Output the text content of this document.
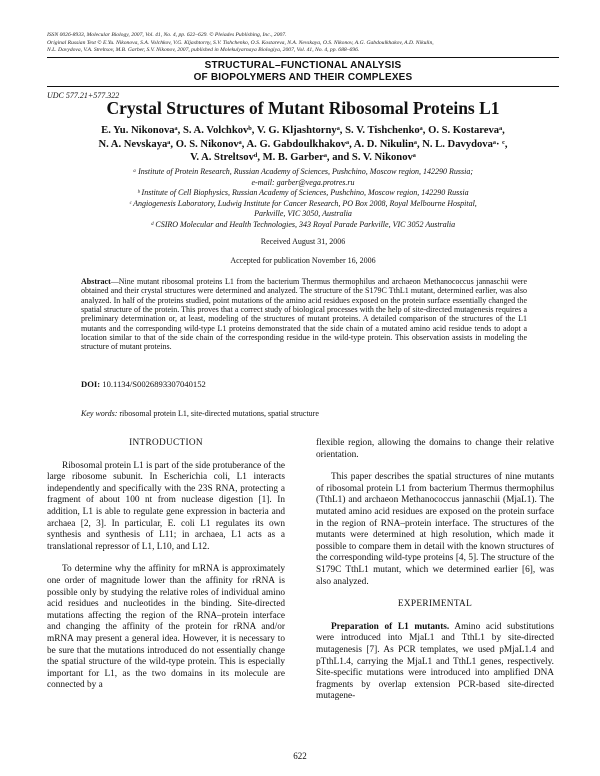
ISSN 0026-8933, Molecular Biology, 2007, Vol. 41, No. 4, pp. 622–629. © Pleiades Publishing, Inc., 2007.
Original Russian Text © E.Yu. Nikonova, S.A. Volchkov, V.G. Kljashtorny, S.V. Tishchenko, O.S. Kostareva, N.A. Nevskaya, O.S. Nikonov, A.G. Gabdoulkhakov, A.D. Nikulin,
N.L. Davydova, V.A. Streltsov, M.B. Garber, S.V. Nikonov, 2007, published in Molekulyarnaya Biologiya, 2007, Vol. 41, No. 4, pp. 688–696.
STRUCTURAL–FUNCTIONAL ANALYSIS
OF BIOPOLYMERS AND THEIR COMPLEXES
UDC 577.21+577.322
Crystal Structures of Mutant Ribosomal Proteins L1
E. Yu. Nikonovaᵃ, S. A. Volchkovᵇ, V. G. Kljashtornyᵃ, S. V. Tishchenkoᵃ, O. S. Kostarevaᵃ,
N. A. Nevskayaᵃ, O. S. Nikonovᵃ, A. G. Gabdoulkhakovᵃ, A. D. Nikulinᵃ, N. L. Davydovaᵃ· ᶜ,
V. A. Streltsovᵈ, M. B. Garberᵃ, and S. V. Nikonovᵃ
ᵃ Institute of Protein Research, Russian Academy of Sciences, Pushchino, Moscow region, 142290 Russia;
e-mail: garber@vega.protres.ru
ᵇ Institute of Cell Biophysics, Russian Academy of Sciences, Pushchino, Moscow region, 142290 Russia
ᶜ Angiogenesis Laboratory, Ludwig Institute for Cancer Research, PO Box 2008, Royal Melbourne Hospital,
Parkville, VIC 3050, Australia
ᵈ CSIRO Molecular and Health Technologies, 343 Royal Parade Parkville, VIC 3052 Australia
Received August 31, 2006
Accepted for publication November 16, 2006
Abstract—Nine mutant ribosomal proteins L1 from the bacterium Thermus thermophilus and archaeon Methanococcus jannaschii were obtained and their crystal structures were determined and analyzed. The structure of the S179C TthL1 mutant, determined earlier, was also analyzed. In half of the proteins studied, point mutations of the amino acid residues exposed on the protein surface essentially changed the spatial structure of the protein. This proves that a correct study of biological processes with the help of site-directed mutagenesis requires a preliminary determination or, at least, modeling of the structures of mutant proteins. A detailed comparison of the structures of the L1 mutants and the corresponding wild-type L1 proteins demonstrated that the side chain of a mutated amino acid residue tends to adopt a location similar to that of the side chain of the corresponding residue in the wild-type protein. This observation assists in modeling the structure of mutant proteins.
DOI: 10.1134/S0026893307040152
Key words: ribosomal protein L1, site-directed mutations, spatial structure
INTRODUCTION

Ribosomal protein L1 is part of the side protuberance of the large ribosome subunit. In Escherichia coli, L1 interacts independently and specifically with the 23S RNA, protecting a fragment of about 100 nt from nuclease digestion [1]. In addition, L1 is able to regulate gene expression in bacteria and archaea [2, 3]. In particular, E. coli L1 regulates its own synthesis and synthesis of L11; in archaea, L1 acts as a translational repressor of L1, L10, and L12.

To determine why the affinity for mRNA is approximately one order of magnitude lower than the affinity for rRNA is possible only by studying the relative roles of individual amino acid residues and nucleotides in the binding. Site-directed mutations affecting the region of the RNA–protein interface and changing the affinity of the protein for rRNA and/or mRNA may present a general idea. However, it is necessary to be sure that the mutations introduced do not essentially change the spatial structure of the wild-type protein. This is especially important for L1, as the two domains in its molecule are connected by a

flexible region, allowing the domains to change their relative orientation.

This paper describes the spatial structures of nine mutants of ribosomal protein L1 from bacterium Thermus thermophilus (TthL1) and archaeon Methanococcus jannaschii (MjaL1). The mutated amino acid residues are exposed on the protein surface in the region of RNA–protein interface. The structures of the mutants were determined at high resolution, which made it possible to compare them in detail with the known structures of the corresponding wild-type proteins [4, 5]. The structure of the S179C TthL1 mutant, which we determined earlier [6], was also analyzed.

EXPERIMENTAL

Preparation of L1 mutants. Amino acid substitutions were introduced into MjaL1 and TthL1 by site-directed mutagenesis [7]. As PCR templates, we used pMjaL1.4 and pTthL1.4, carrying the MjaL1 and TthL1 genes, respectively. Site-specific mutations were introduced into amplified DNA fragments by overlap extension PCR-based site-directed mutagene-

622
